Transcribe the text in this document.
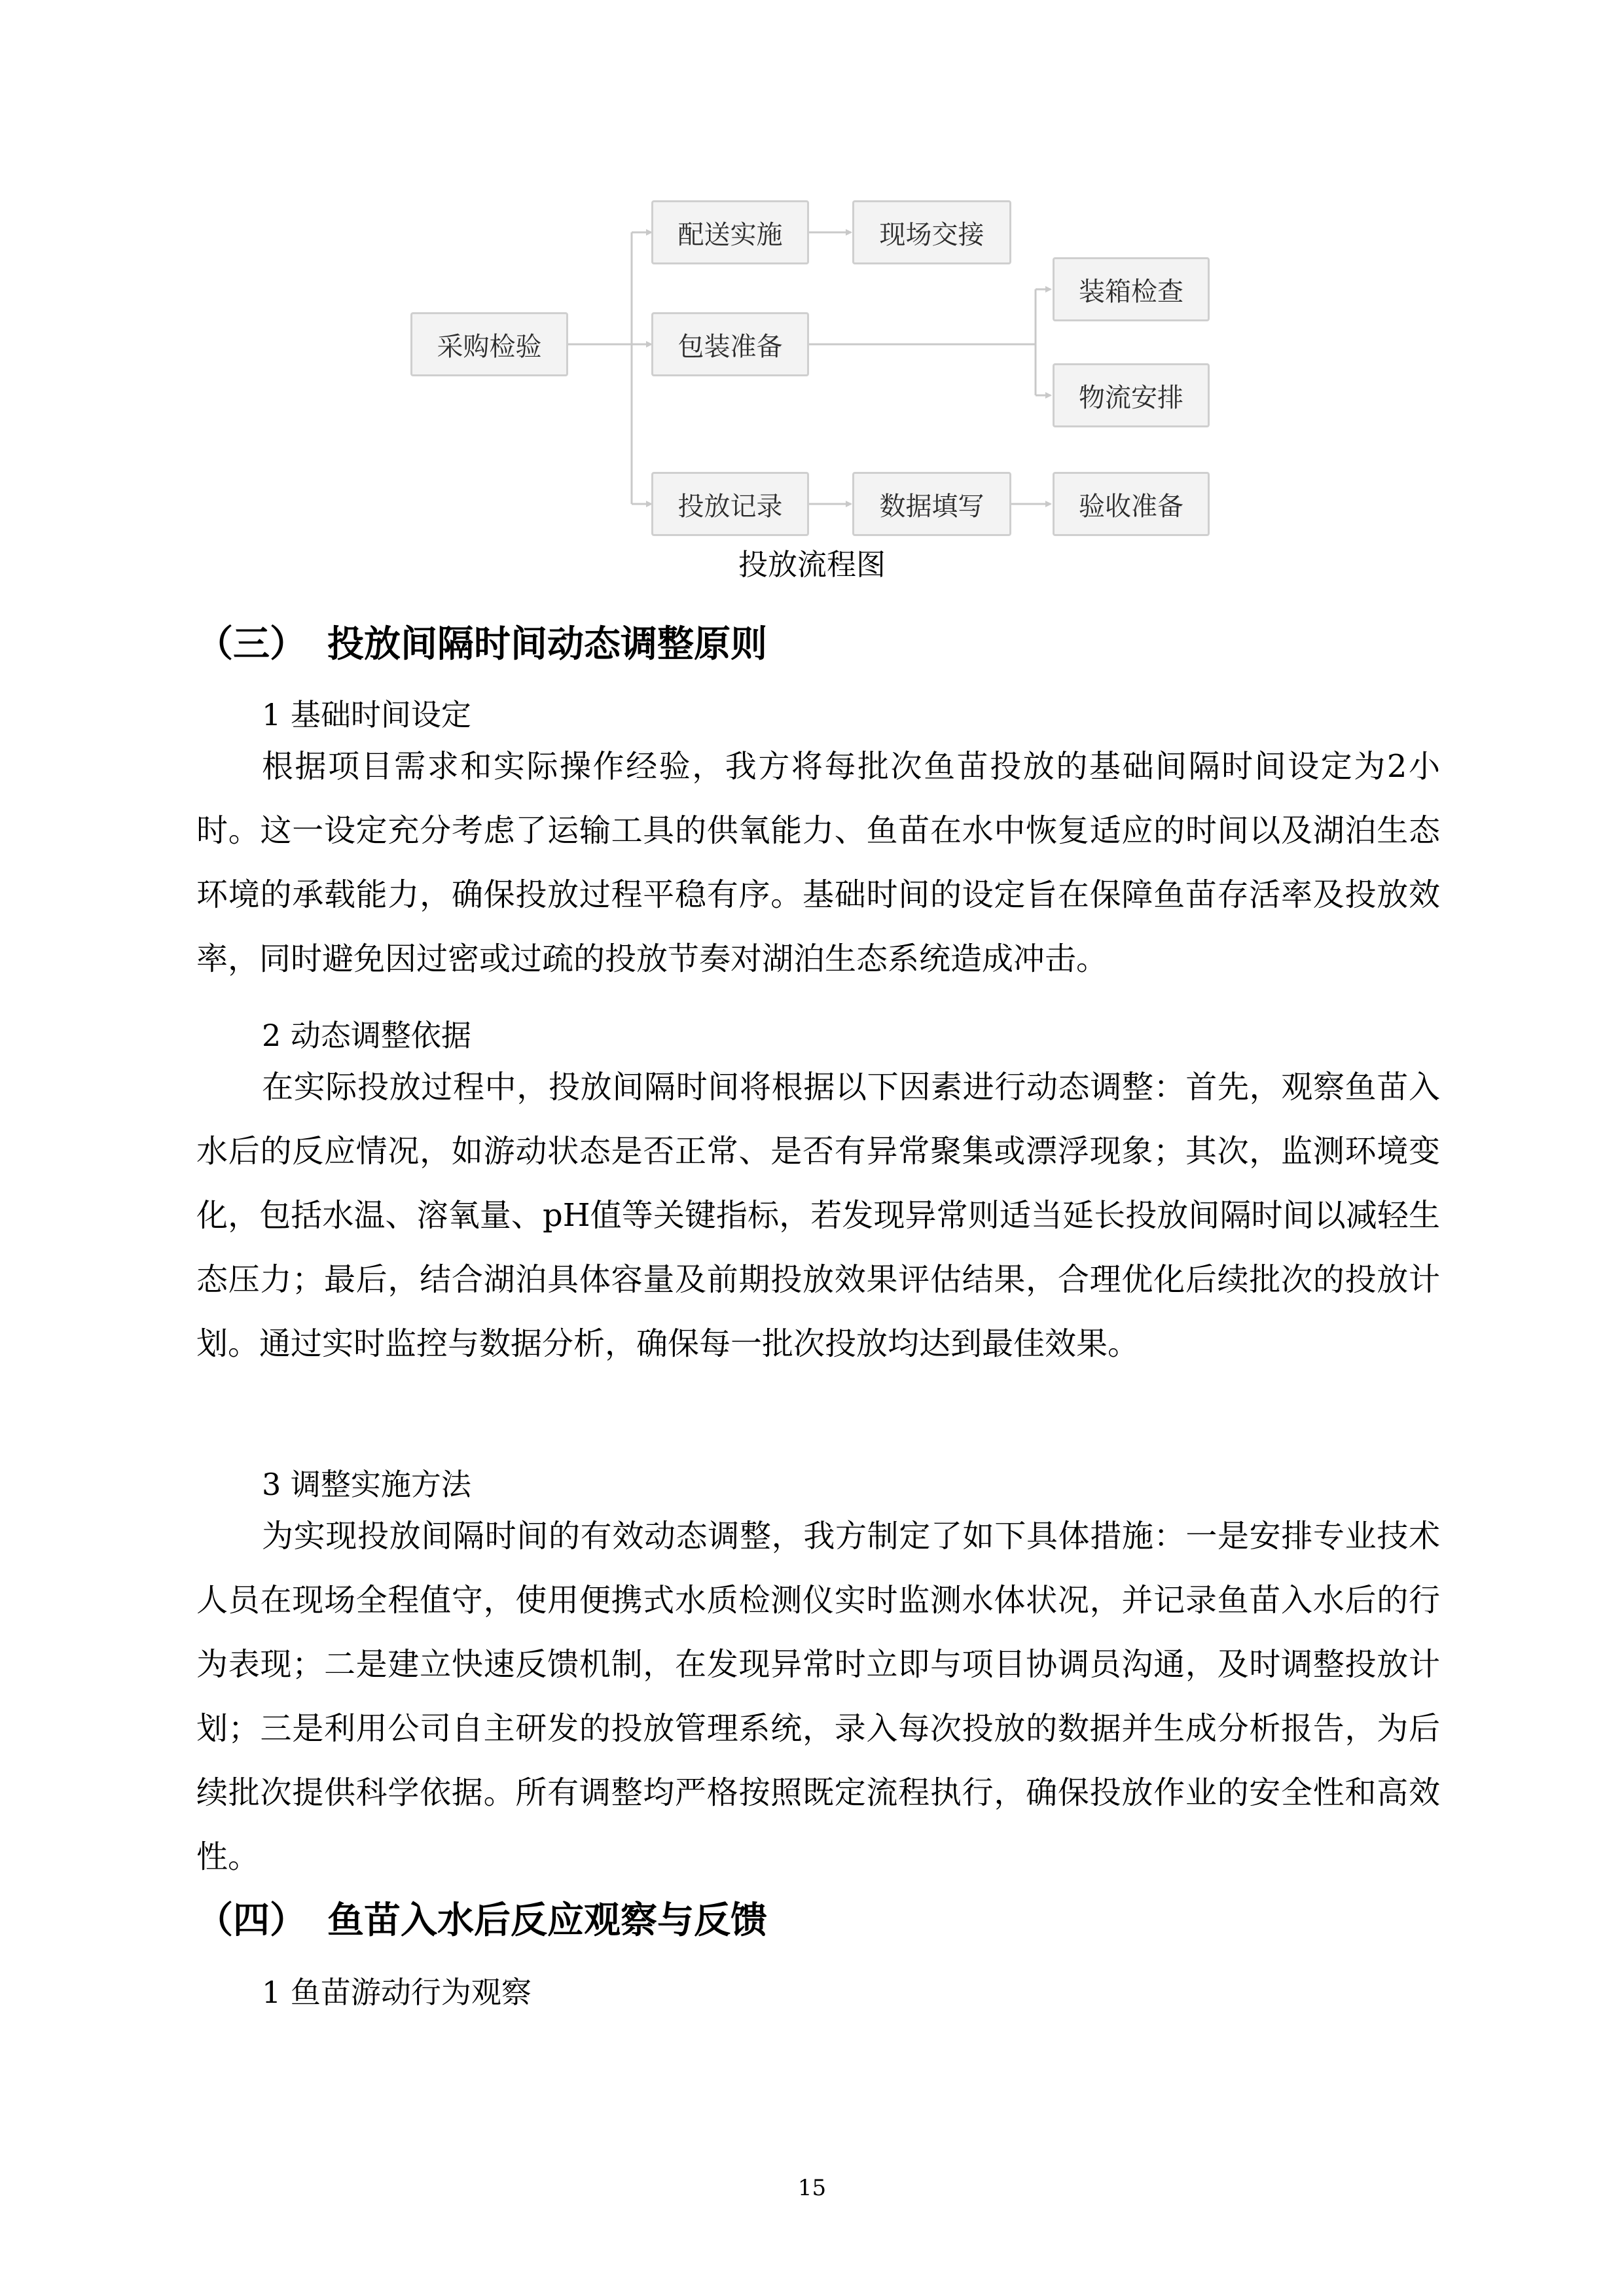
采购检验
配送实施	现场交接
包装准备
装箱检查
物流安排
投放记录	数据填写	验收准备
投放流程图
（三） 投放间隔时间动态调整原则
1 基础时间设定

根据项目需求和实际操作经验，我方将每批次鱼苗投放的基础间隔时间设定为2小时。这一设定充分考虑了运输工具的供氧能力、鱼苗在水中恢复适应的时间以及湖泊生态环境的承载能力，确保投放过程平稳有序。基础时间的设定旨在保障鱼苗存活率及投放效率，同时避免因过密或过疏的投放节奏对湖泊生态系统造成冲击。

2 动态调整依据

在实际投放过程中，投放间隔时间将根据以下因素进行动态调整：首先，观察鱼苗入水后的反应情况，如游动状态是否正常、是否有异常聚集或漂浮现象；其次，监测环境变化，包括水温、溶氧量、pH值等关键指标，若发现异常则适当延长投放间隔时间以减轻生态压力；最后，结合湖泊具体容量及前期投放效果评估结果，合理优化后续批次的投放计划。通过实时监控与数据分析，确保每一批次投放均达到最佳效果。

3 调整实施方法

为实现投放间隔时间的有效动态调整，我方制定了如下具体措施：一是安排专业技术人员在现场全程值守，使用便携式水质检测仪实时监测水体状况，并记录鱼苗入水后的行为表现；二是建立快速反馈机制，在发现异常时立即与项目协调员沟通，及时调整投放计划；三是利用公司自主研发的投放管理系统，录入每次投放的数据并生成分析报告，为后续批次提供科学依据。所有调整均严格按照既定流程执行，确保投放作业的安全性和高效性。

（四） 鱼苗入水后反应观察与反馈
1 鱼苗游动行为观察
15
